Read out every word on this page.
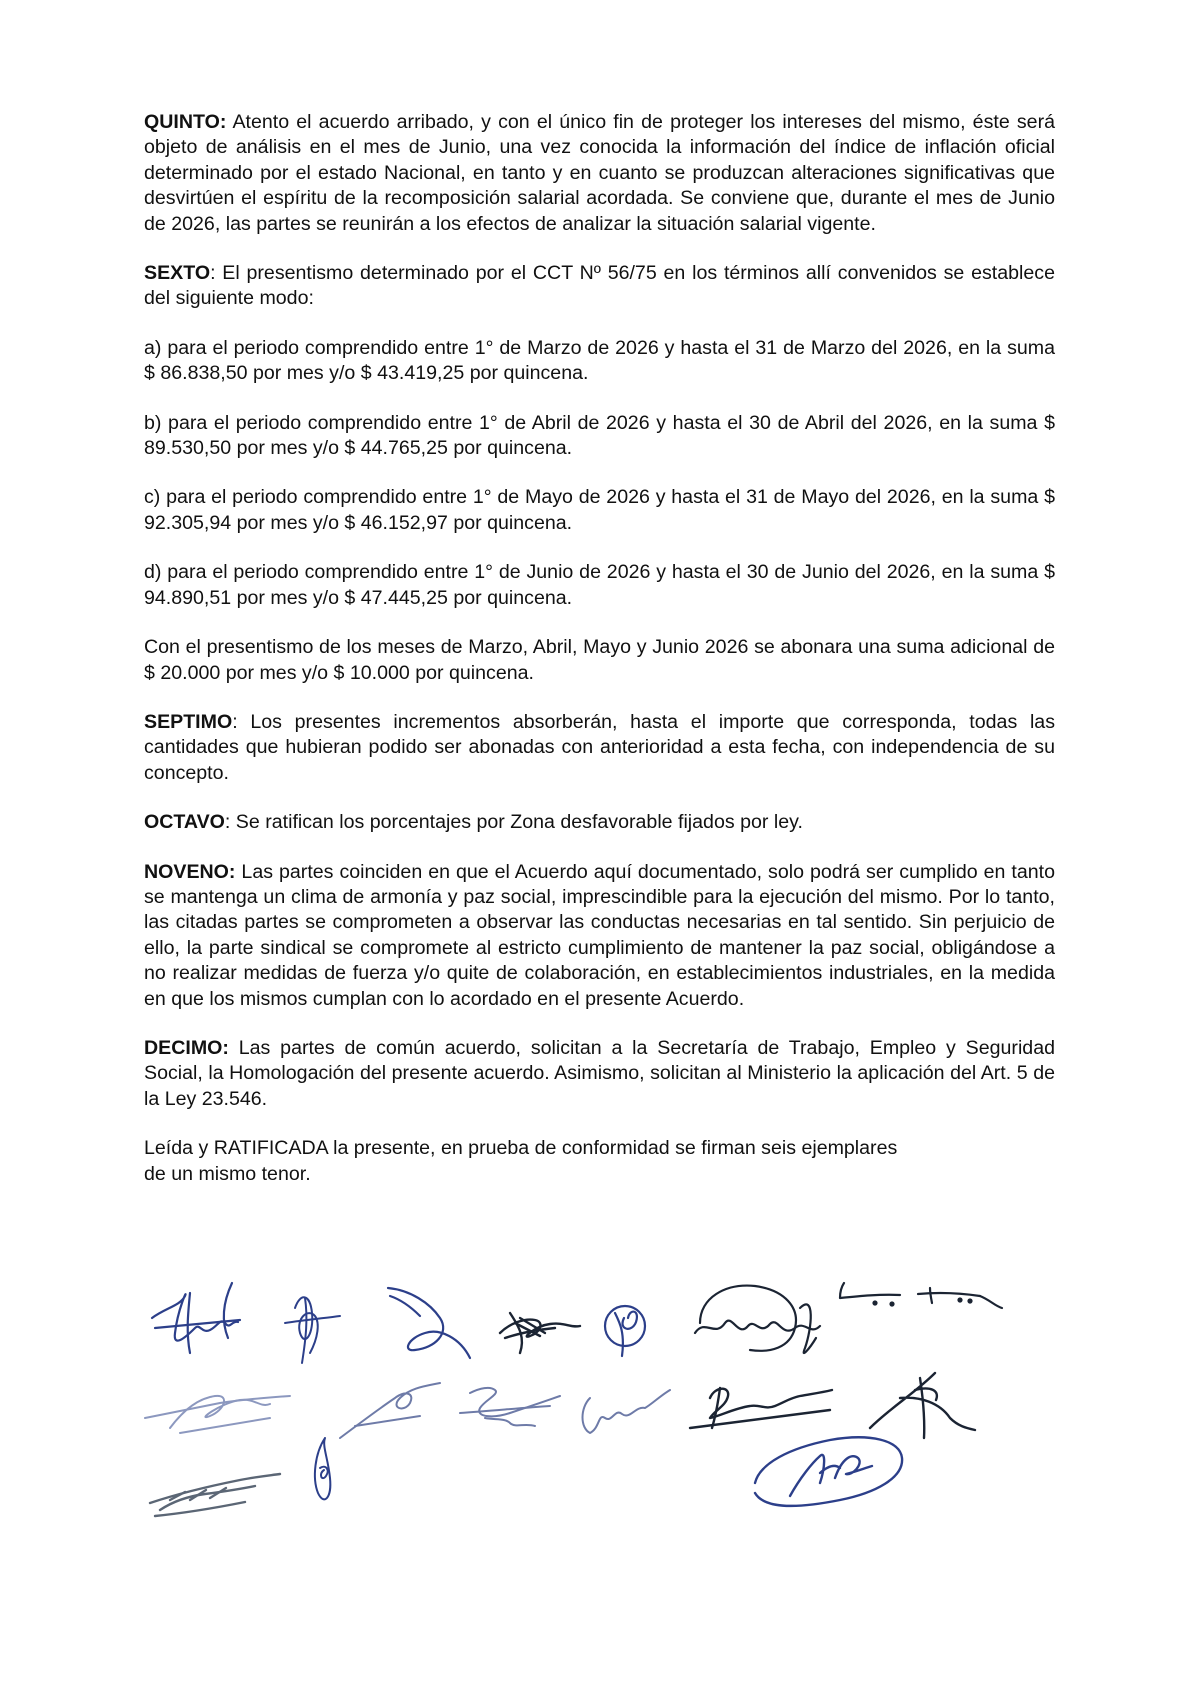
QUINTO: Atento el acuerdo arribado, y con el único fin de proteger los intereses del mismo, éste será objeto de análisis en el mes de Junio, una vez conocida la información del índice de inflación oficial determinado por el estado Nacional, en tanto y en cuanto se produzcan alteraciones significativas que desvirtúen el espíritu de la recomposición salarial acordada. Se conviene que, durante el mes de Junio de 2026, las partes se reunirán a los efectos de analizar la situación salarial vigente.

SEXTO: El presentismo determinado por el CCT Nº 56/75 en los términos allí convenidos se establece del siguiente modo:

a) para el periodo comprendido entre 1° de Marzo de 2026 y hasta el 31 de Marzo del 2026, en la suma $ 86.838,50 por mes y/o $ 43.419,25 por quincena.

b) para el periodo comprendido entre 1° de Abril de 2026 y hasta el 30 de Abril del 2026, en la suma $ 89.530,50 por mes y/o $ 44.765,25 por quincena.

c) para el periodo comprendido entre 1° de Mayo de 2026 y hasta el 31 de Mayo del 2026, en la suma $ 92.305,94 por mes y/o $ 46.152,97 por quincena.

d) para el periodo comprendido entre 1° de Junio de 2026 y hasta el 30 de Junio del 2026, en la suma $ 94.890,51 por mes y/o $ 47.445,25 por quincena.

Con el presentismo de los meses de Marzo, Abril, Mayo y Junio 2026 se abonara una suma adicional de $ 20.000 por mes y/o $ 10.000 por quincena.

SEPTIMO: Los presentes incrementos absorberán, hasta el importe que corresponda, todas las cantidades que hubieran podido ser abonadas con anterioridad a esta fecha, con independencia de su concepto.

OCTAVO: Se ratifican los porcentajes por Zona desfavorable fijados por ley.

NOVENO: Las partes coinciden en que el Acuerdo aquí documentado, solo podrá ser cumplido en tanto se mantenga un clima de armonía y paz social, imprescindible para la ejecución del mismo. Por lo tanto, las citadas partes se comprometen a observar las conductas necesarias en tal sentido. Sin perjuicio de ello, la parte sindical se compromete al estricto cumplimiento de mantener la paz social, obligándose a no realizar medidas de fuerza y/o quite de colaboración, en establecimientos industriales, en la medida en que los mismos cumplan con lo acordado en el presente Acuerdo.

DECIMO: Las partes de común acuerdo, solicitan a la Secretaría de Trabajo, Empleo y Seguridad Social, la Homologación del presente acuerdo. Asimismo, solicitan al Ministerio la aplicación del Art. 5 de la Ley 23.546.

Leída y RATIFICADA la presente, en prueba de conformidad se firman seis ejemplares
de un mismo tenor.
